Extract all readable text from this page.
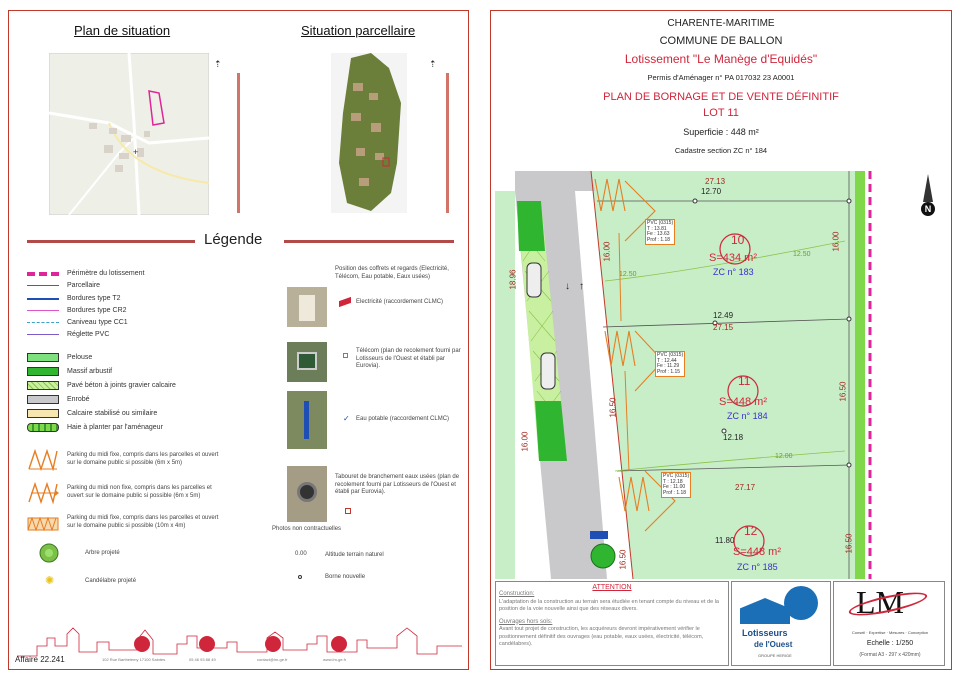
Plan de situation	Situation parcellaire
+
⇡	⇡
Légende
Périmètre du lotissement
Parcellaire
Bordures type T2
Bordures type CR2
Caniveau type CC1
Réglette PVC
Pelouse
Massif arbustif
Pavé béton à joints gravier calcaire
Enrobé
Calcaire stabilisé ou similaire
Haie à planter par l'aménageur
Parking du midi fixe, compris dans les parcelles et ouvert sur le domaine public si possible (6m x 5m)
Parking du midi non fixe, compris dans les parcelles et ouvert sur le domaine public si possible (6m x 5m)
Parking du midi fixe, compris dans les parcelles et ouvert sur le domaine public si possible (10m x 4m)
Arbre projeté
✺	Candélabre projeté
Position des coffrets et regards (Electricité, Télécom, Eau potable, Eaux usées)
Electricité (raccordement CLMC)
Télécom (plan de recolement fourni par Lotisseurs de l'Ouest et établi par Eurovia).
✓ Eau potable (raccordement CLMC)
Tabouret de branchement eaux usées (plan de recolement fourni par Lotisseurs de l'Ouest et établi par Eurovia).
Photos non contractuelles
0.00	Altitude terrain naturel
Borne nouvelle
Affaire 22.241	102 Rue Barthelemy 17100 Saintes	05 46 93 88 49	contact@lm-ge.fr	www.lm-ge.fr
CHARENTE-MARITIME
COMMUNE DE BALLON
Lotissement "Le Manège d'Equidés"
Permis d'Aménager n° PA 017032 23 A0001
PLAN DE BORNAGE ET DE VENTE DÉFINITIF
LOT 11
Superficie : 448 m²
Cadastre section ZC n° 184
↓ ↑
27.13
12.70
16.00
16.00
12.50
12.50
12.49
27.15
16.50
16.50
12.18
12.00
27.17
16.50
16.50
11.80
18.96
16.00
10
S=434 m²
ZC n° 183
11
S=448 m²
ZC n° 184
12
S=448 m²
ZC n° 185
PVC (0315)
T : 13.81
Fe : 13.63
Prof : 1.18
PVC (0315)
T : 12.44
Fe : 11.29
Prof : 1.15
PVC (0315)
T : 12.18
Fe : 11.00
Prof : 1.18
N
ATTENTION
Construction:
L'adaptation de la construction au terrain sera étudiée en tenant compte du niveau et de la position de la voie nouvelle ainsi que des réseaux divers.
Ouvrages hors sols:
Avant tout projet de construction, les acquéreurs devront impérativement vérifier le positionnement définitif des ouvrages (eau potable, eaux usées, électricité, télécom, candélabres).
Lotisseurs
de l'Ouest
GROUPE HERIGE
LM
Conseil · Expertise · Mesures · Conception
Echelle : 1/250
(Format A3 - 297 x 420mm)
